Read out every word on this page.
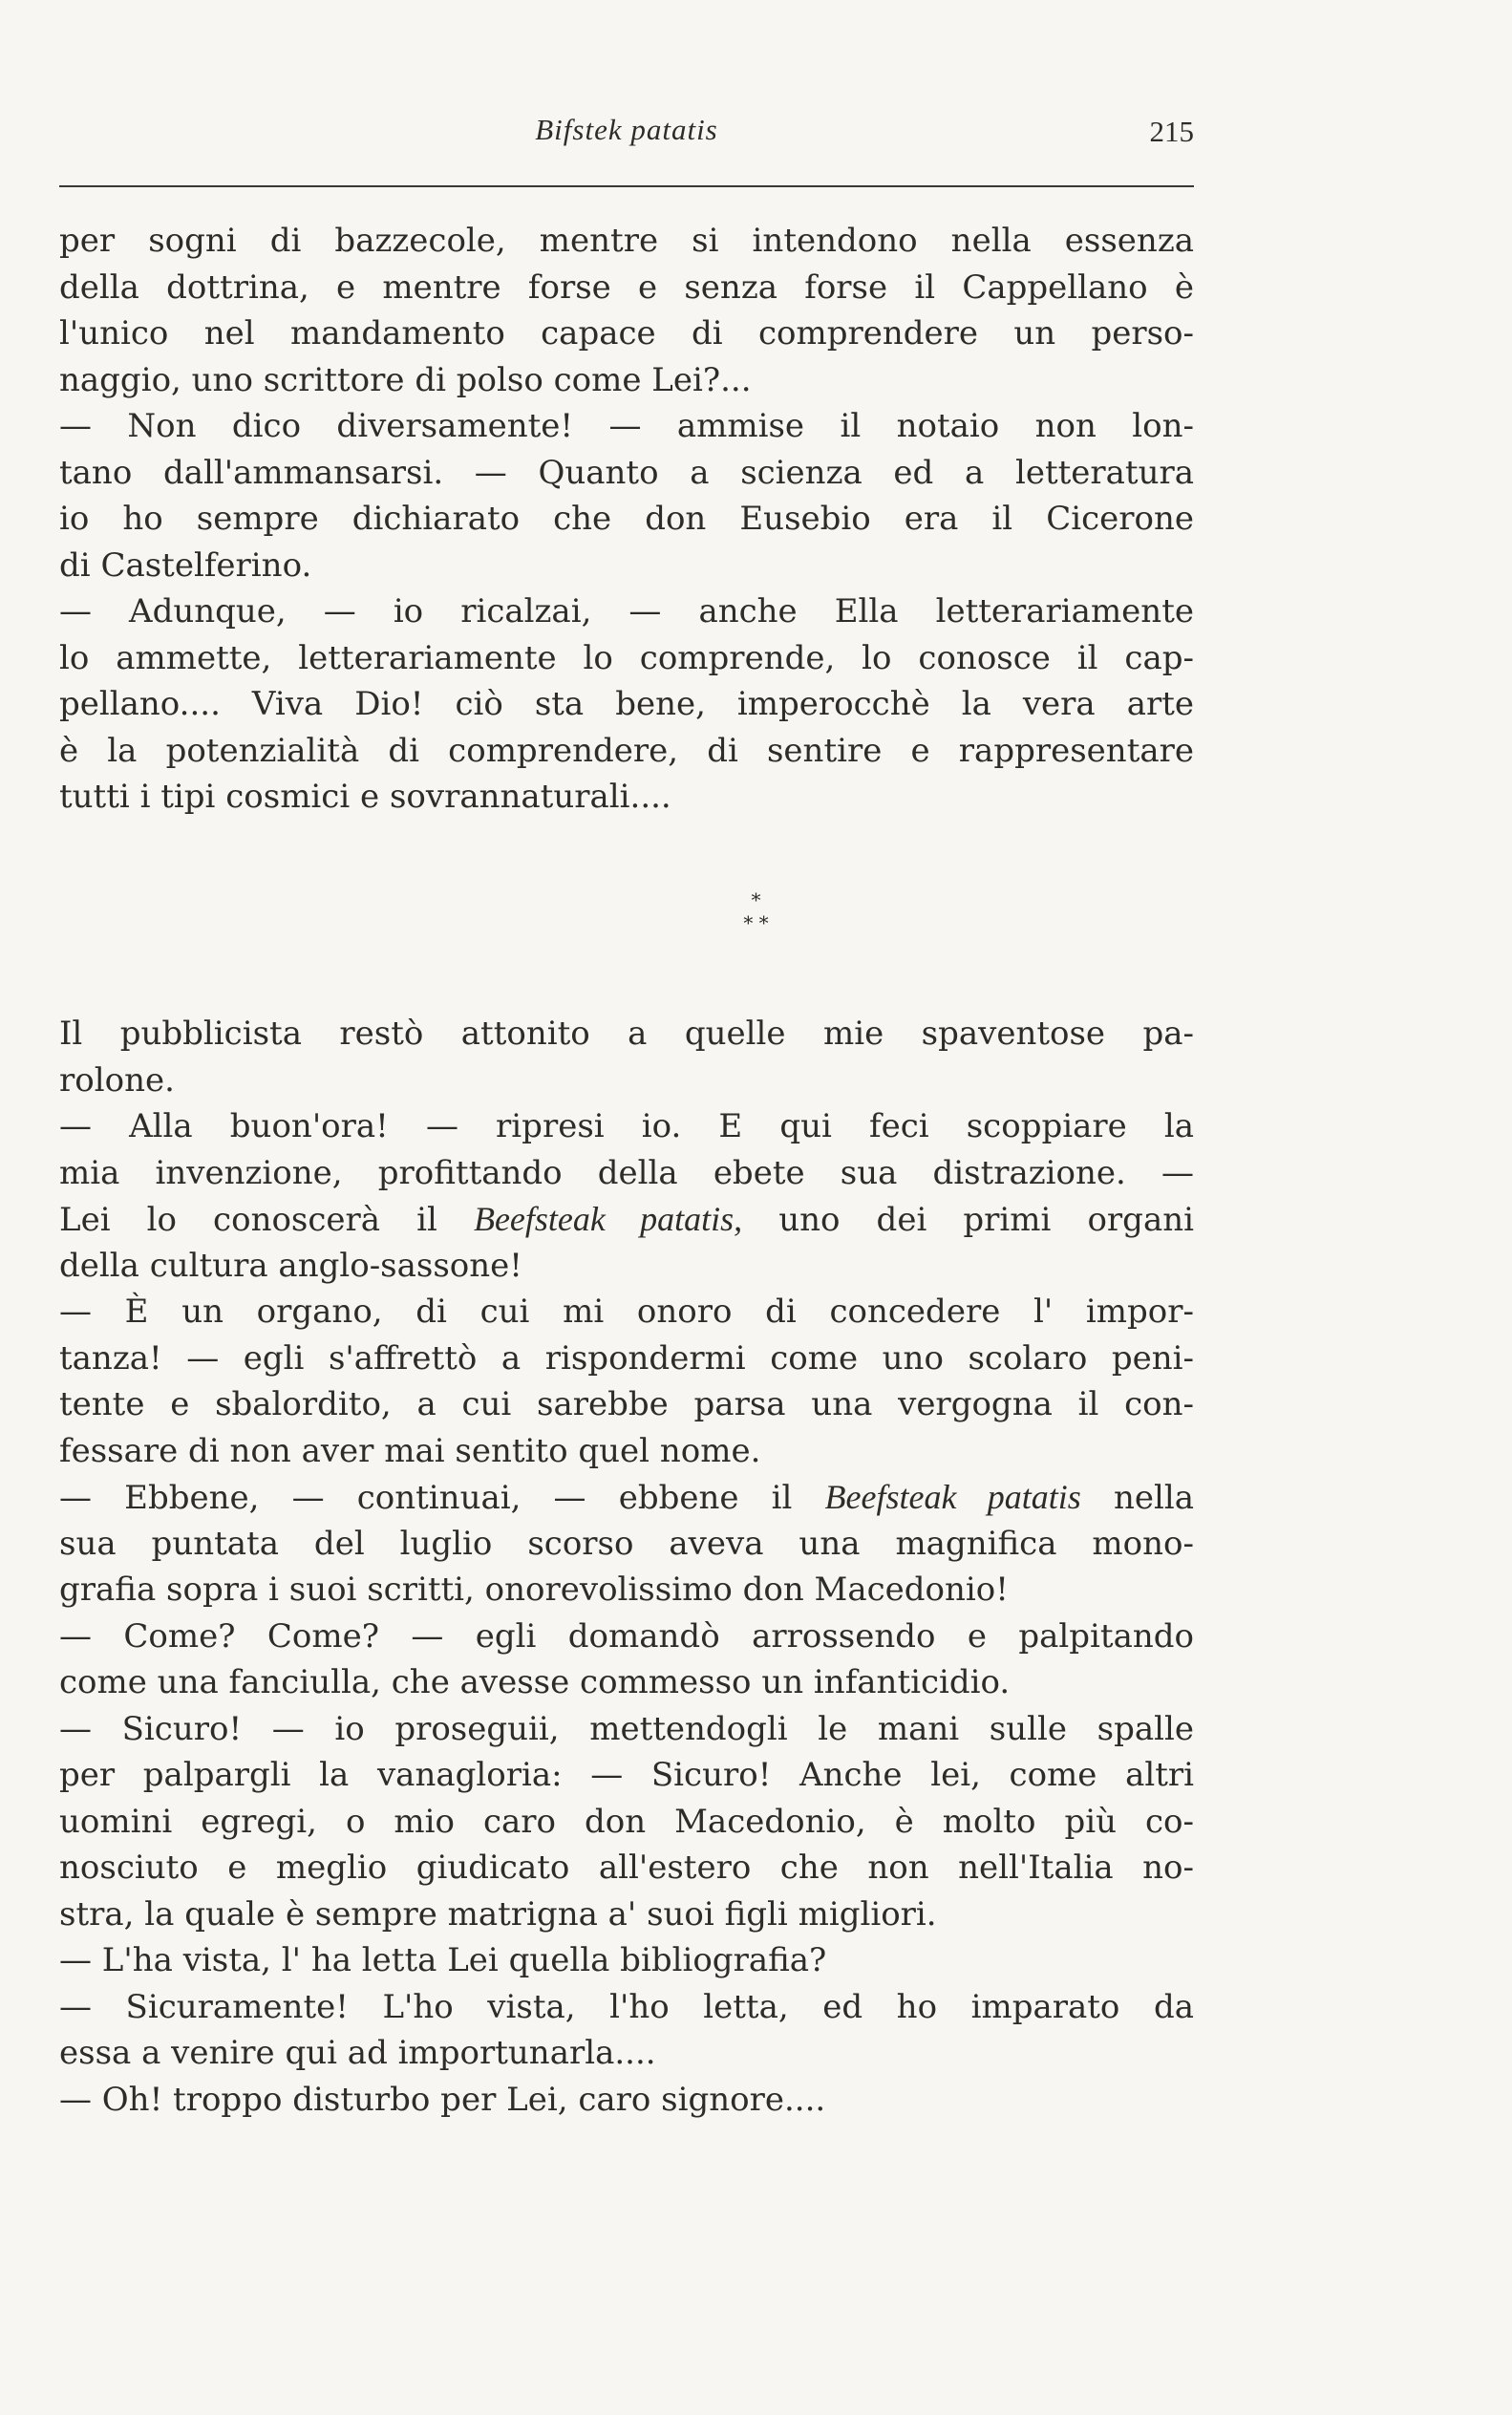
Bifstek patatis	215
per sogni di bazzecole, mentre si intendono nella essenza
della dottrina, e mentre forse e senza forse il Cappellano è
l'unico nel mandamento capace di comprendere un perso-
naggio, uno scrittore di polso come Lei?...
— Non dico diversamente! — ammise il notaio non lon-
tano dall'ammansarsi. — Quanto a scienza ed a letteratura
io ho sempre dichiarato che don Eusebio era il Cicerone
di Castelferino.
— Adunque, — io ricalzai, — anche Ella letterariamente
lo ammette, letterariamente lo comprende, lo conosce il cap-
pellano.... Viva Dio! ciò sta bene, imperocchè la vera arte
è la potenzialità di comprendere, di sentire e rappresentare
tutti i tipi cosmici e sovrannaturali....
*
* *
Il pubblicista restò attonito a quelle mie spaventose pa-
rolone.
— Alla buon'ora! — ripresi io. E qui feci scoppiare la
mia invenzione, profittando della ebete sua distrazione. —
Lei lo conoscerà il Beefsteak patatis, uno dei primi organi
della cultura anglo-sassone!
— È un organo, di cui mi onoro di concedere l' impor-
tanza! — egli s'affrettò a rispondermi come uno scolaro peni-
tente e sbalordito, a cui sarebbe parsa una vergogna il con-
fessare di non aver mai sentito quel nome.
— Ebbene, — continuai, — ebbene il Beefsteak patatis nella
sua puntata del luglio scorso aveva una magnifica mono-
grafia sopra i suoi scritti, onorevolissimo don Macedonio!
— Come? Come? — egli domandò arrossendo e palpitando
come una fanciulla, che avesse commesso un infanticidio.
— Sicuro! — io proseguii, mettendogli le mani sulle spalle
per palpargli la vanagloria: — Sicuro! Anche lei, come altri
uomini egregi, o mio caro don Macedonio, è molto più co-
nosciuto e meglio giudicato all'estero che non nell'Italia no-
stra, la quale è sempre matrigna a' suoi figli migliori.
— L'ha vista, l' ha letta Lei quella bibliografia?
— Sicuramente! L'ho vista, l'ho letta, ed ho imparato da
essa a venire qui ad importunarla....
— Oh! troppo disturbo per Lei, caro signore....
